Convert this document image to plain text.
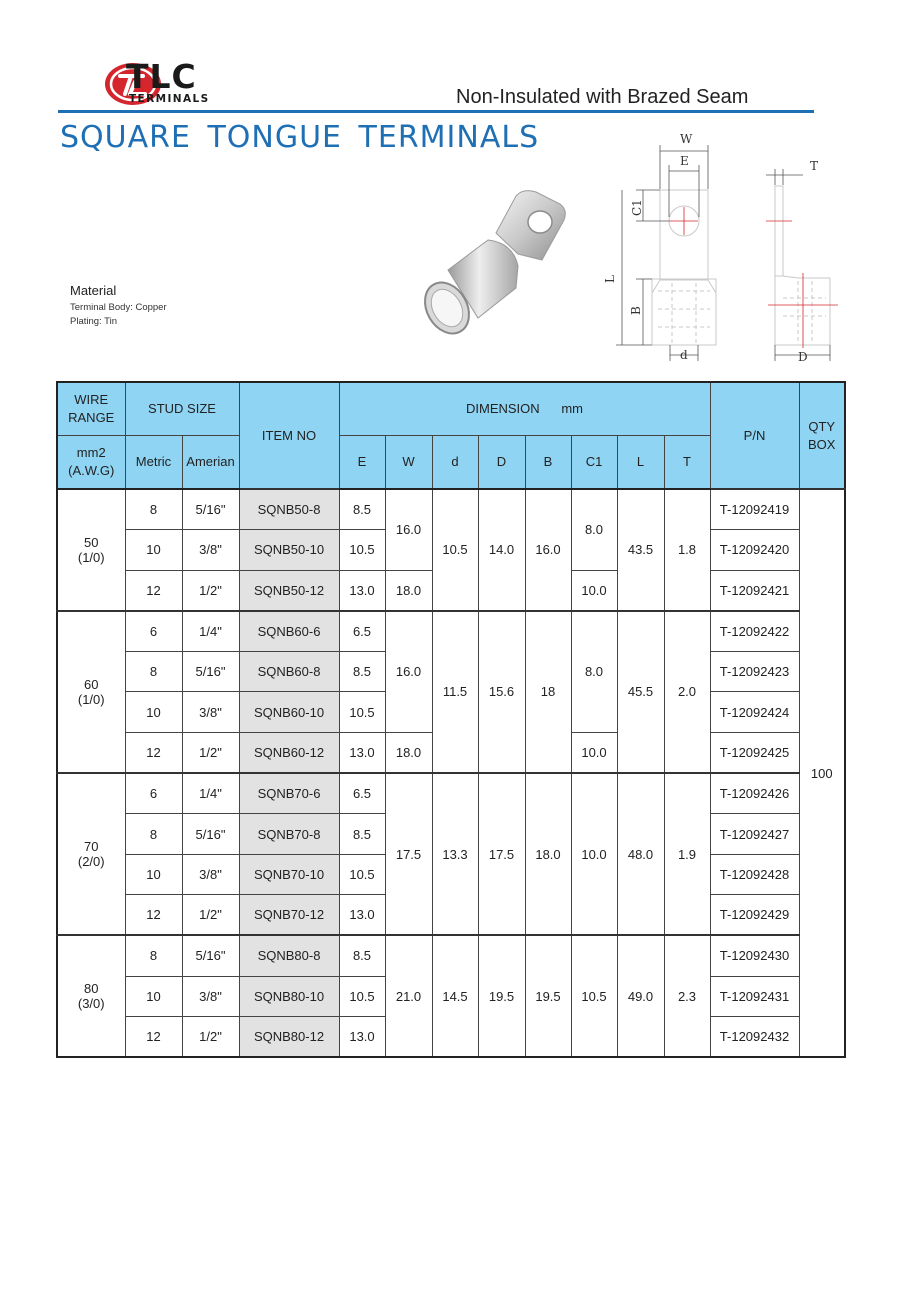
TLC
TERMINALS	Non-Insulated with Brazed Seam
SQUARE TONGUE TERMINALS
Material
Terminal Body: Copper
Plating: Tin
W
E
C1
L
B
d
T
D
WIRE RANGE	STUD SIZE		ITEM NO	DIMENSION      mm								P/N	QTY BOX
mm2
(A.W.G)	Metric	Amerian		E	W	d	D	B	C1	L	T		
50
(1/0)	8	5/16"	SQNB50-8	8.5	16.0	10.5	14.0	16.0	8.0	43.5	1.8	T-12092419	100
	10	3/8"	SQNB50-10	10.5								T-12092420	
	12	1/2"	SQNB50-12	13.0	18.0				10.0			T-12092421	
60
(1/0)	6	1/4"	SQNB60-6	6.5	16.0	11.5	15.6	18	8.0	45.5	2.0	T-12092422	
	8	5/16"	SQNB60-8	8.5								T-12092423	
	10	3/8"	SQNB60-10	10.5								T-12092424	
	12	1/2"	SQNB60-12	13.0	18.0				10.0			T-12092425	
70
(2/0)	6	1/4"	SQNB70-6	6.5	17.5	13.3	17.5	18.0	10.0	48.0	1.9	T-12092426	
	8	5/16"	SQNB70-8	8.5								T-12092427	
	10	3/8"	SQNB70-10	10.5								T-12092428	
	12	1/2"	SQNB70-12	13.0								T-12092429	
80
(3/0)	8	5/16"	SQNB80-8	8.5	21.0	14.5	19.5	19.5	10.5	49.0	2.3	T-12092430	
	10	3/8"	SQNB80-10	10.5								T-12092431	
	12	1/2"	SQNB80-12	13.0								T-12092432	
